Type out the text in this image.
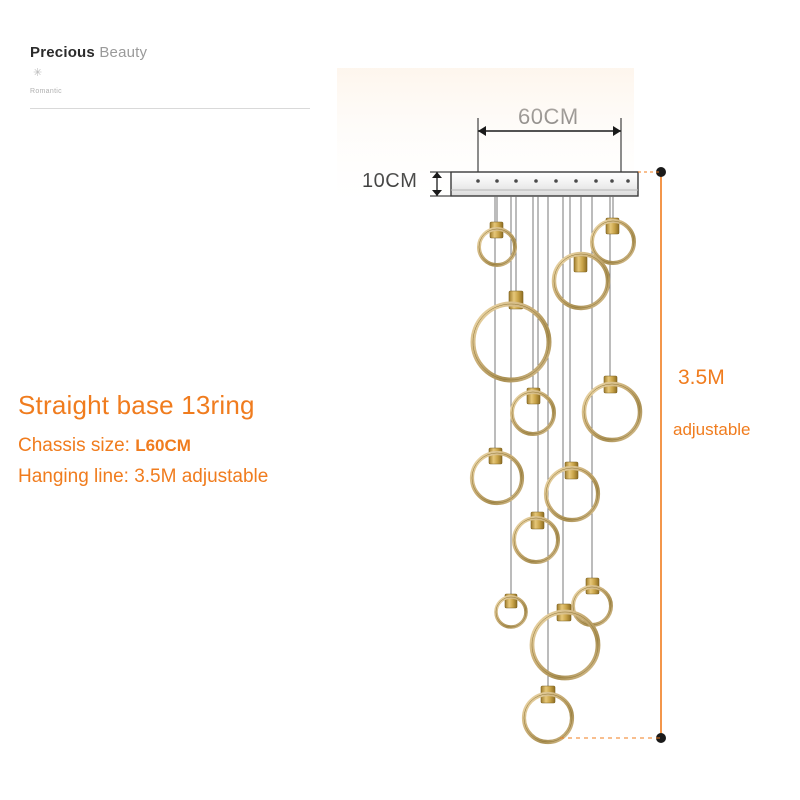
Precious Beauty
✳
Romantic
Straight base 13ring
Chassis size: L60CM
Hanging line: 3.5M adjustable
3.5M
adjustable
